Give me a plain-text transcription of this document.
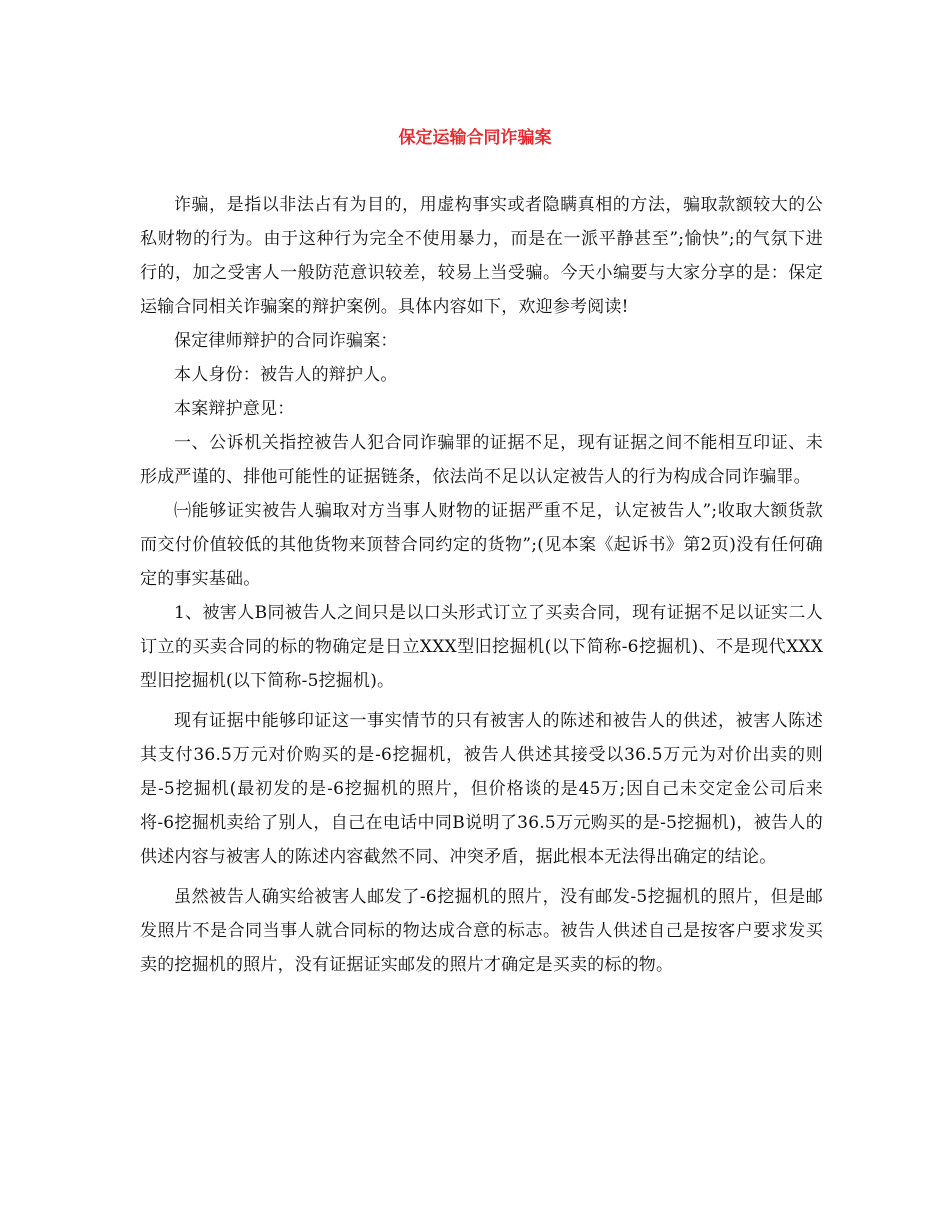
保定运输合同诈骗案

诈骗，是指以非法占有为目的，用虚构事实或者隐瞒真相的方法，骗取款额较大的公私财物的行为。由于这种行为完全不使用暴力，而是在一派平静甚至”;愉快”;的气氛下进行的，加之受害人一般防范意识较差，较易上当受骗。今天小编要与大家分享的是：保定运输合同相关诈骗案的辩护案例。具体内容如下，欢迎参考阅读!

保定律师辩护的合同诈骗案：

本人身份：被告人的辩护人。

本案辩护意见：

一、公诉机关指控被告人犯合同诈骗罪的证据不足，现有证据之间不能相互印证、未形成严谨的、排他可能性的证据链条，依法尚不足以认定被告人的行为构成合同诈骗罪。

㈠能够证实被告人骗取对方当事人财物的证据严重不足，认定被告人”;收取大额货款而交付价值较低的其他货物来顶替合同约定的货物”;(见本案《起诉书》第2页)没有任何确定的事实基础。

1、被害人B同被告人之间只是以口头形式订立了买卖合同，现有证据不足以证实二人订立的买卖合同的标的物确定是日立XXX型旧挖掘机(以下简称-6挖掘机)、不是现代XXX型旧挖掘机(以下简称-5挖掘机)。

现有证据中能够印证这一事实情节的只有被害人的陈述和被告人的供述，被害人陈述其支付36.5万元对价购买的是-6挖掘机，被告人供述其接受以36.5万元为对价出卖的则是-5挖掘机(最初发的是-6挖掘机的照片，但价格谈的是45万;因自己未交定金公司后来将-6挖掘机卖给了别人，自己在电话中同B说明了36.5万元购买的是-5挖掘机)，被告人的供述内容与被害人的陈述内容截然不同、冲突矛盾，据此根本无法得出确定的结论。

虽然被告人确实给被害人邮发了-6挖掘机的照片，没有邮发-5挖掘机的照片，但是邮发照片不是合同当事人就合同标的物达成合意的标志。被告人供述自己是按客户要求发买卖的挖掘机的照片，没有证据证实邮发的照片才确定是买卖的标的物。
